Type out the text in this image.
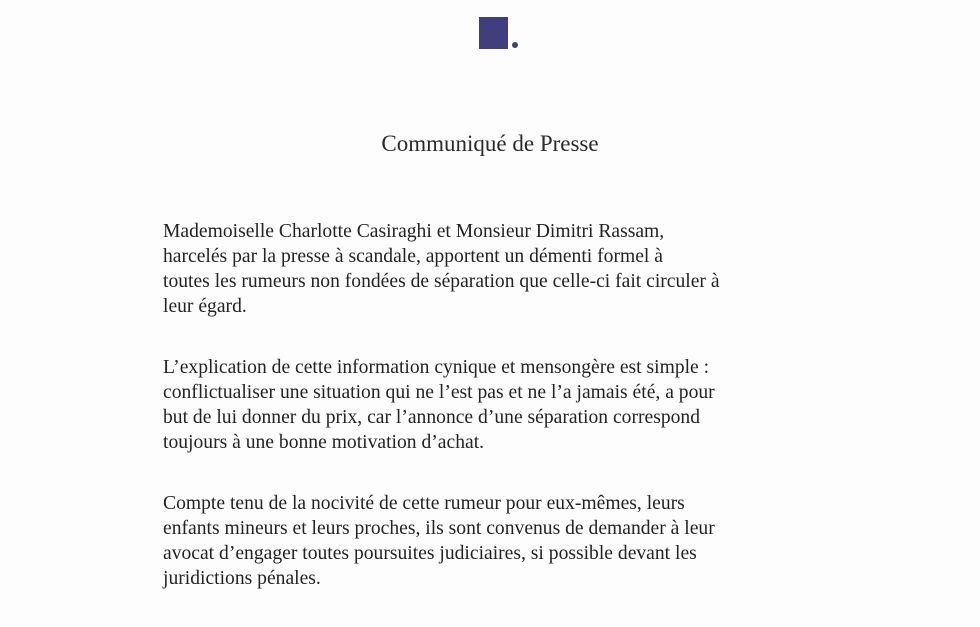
Communiqué de Presse

Mademoiselle Charlotte Casiraghi et Monsieur Dimitri Rassam,
harcelés par la presse à scandale, apportent un démenti formel à
toutes les rumeurs non fondées de séparation que celle-ci fait circuler à
leur égard.

L’explication de cette information cynique et mensongère est simple :
conflictualiser une situation qui ne l’est pas et ne l’a jamais été, a pour
but de lui donner du prix, car l’annonce d’une séparation correspond
toujours à une bonne motivation d’achat.

Compte tenu de la nocivité de cette rumeur pour eux-mêmes, leurs
enfants mineurs et leurs proches, ils sont convenus de demander à leur
avocat d’engager toutes poursuites judiciaires, si possible devant les
juridictions pénales.
